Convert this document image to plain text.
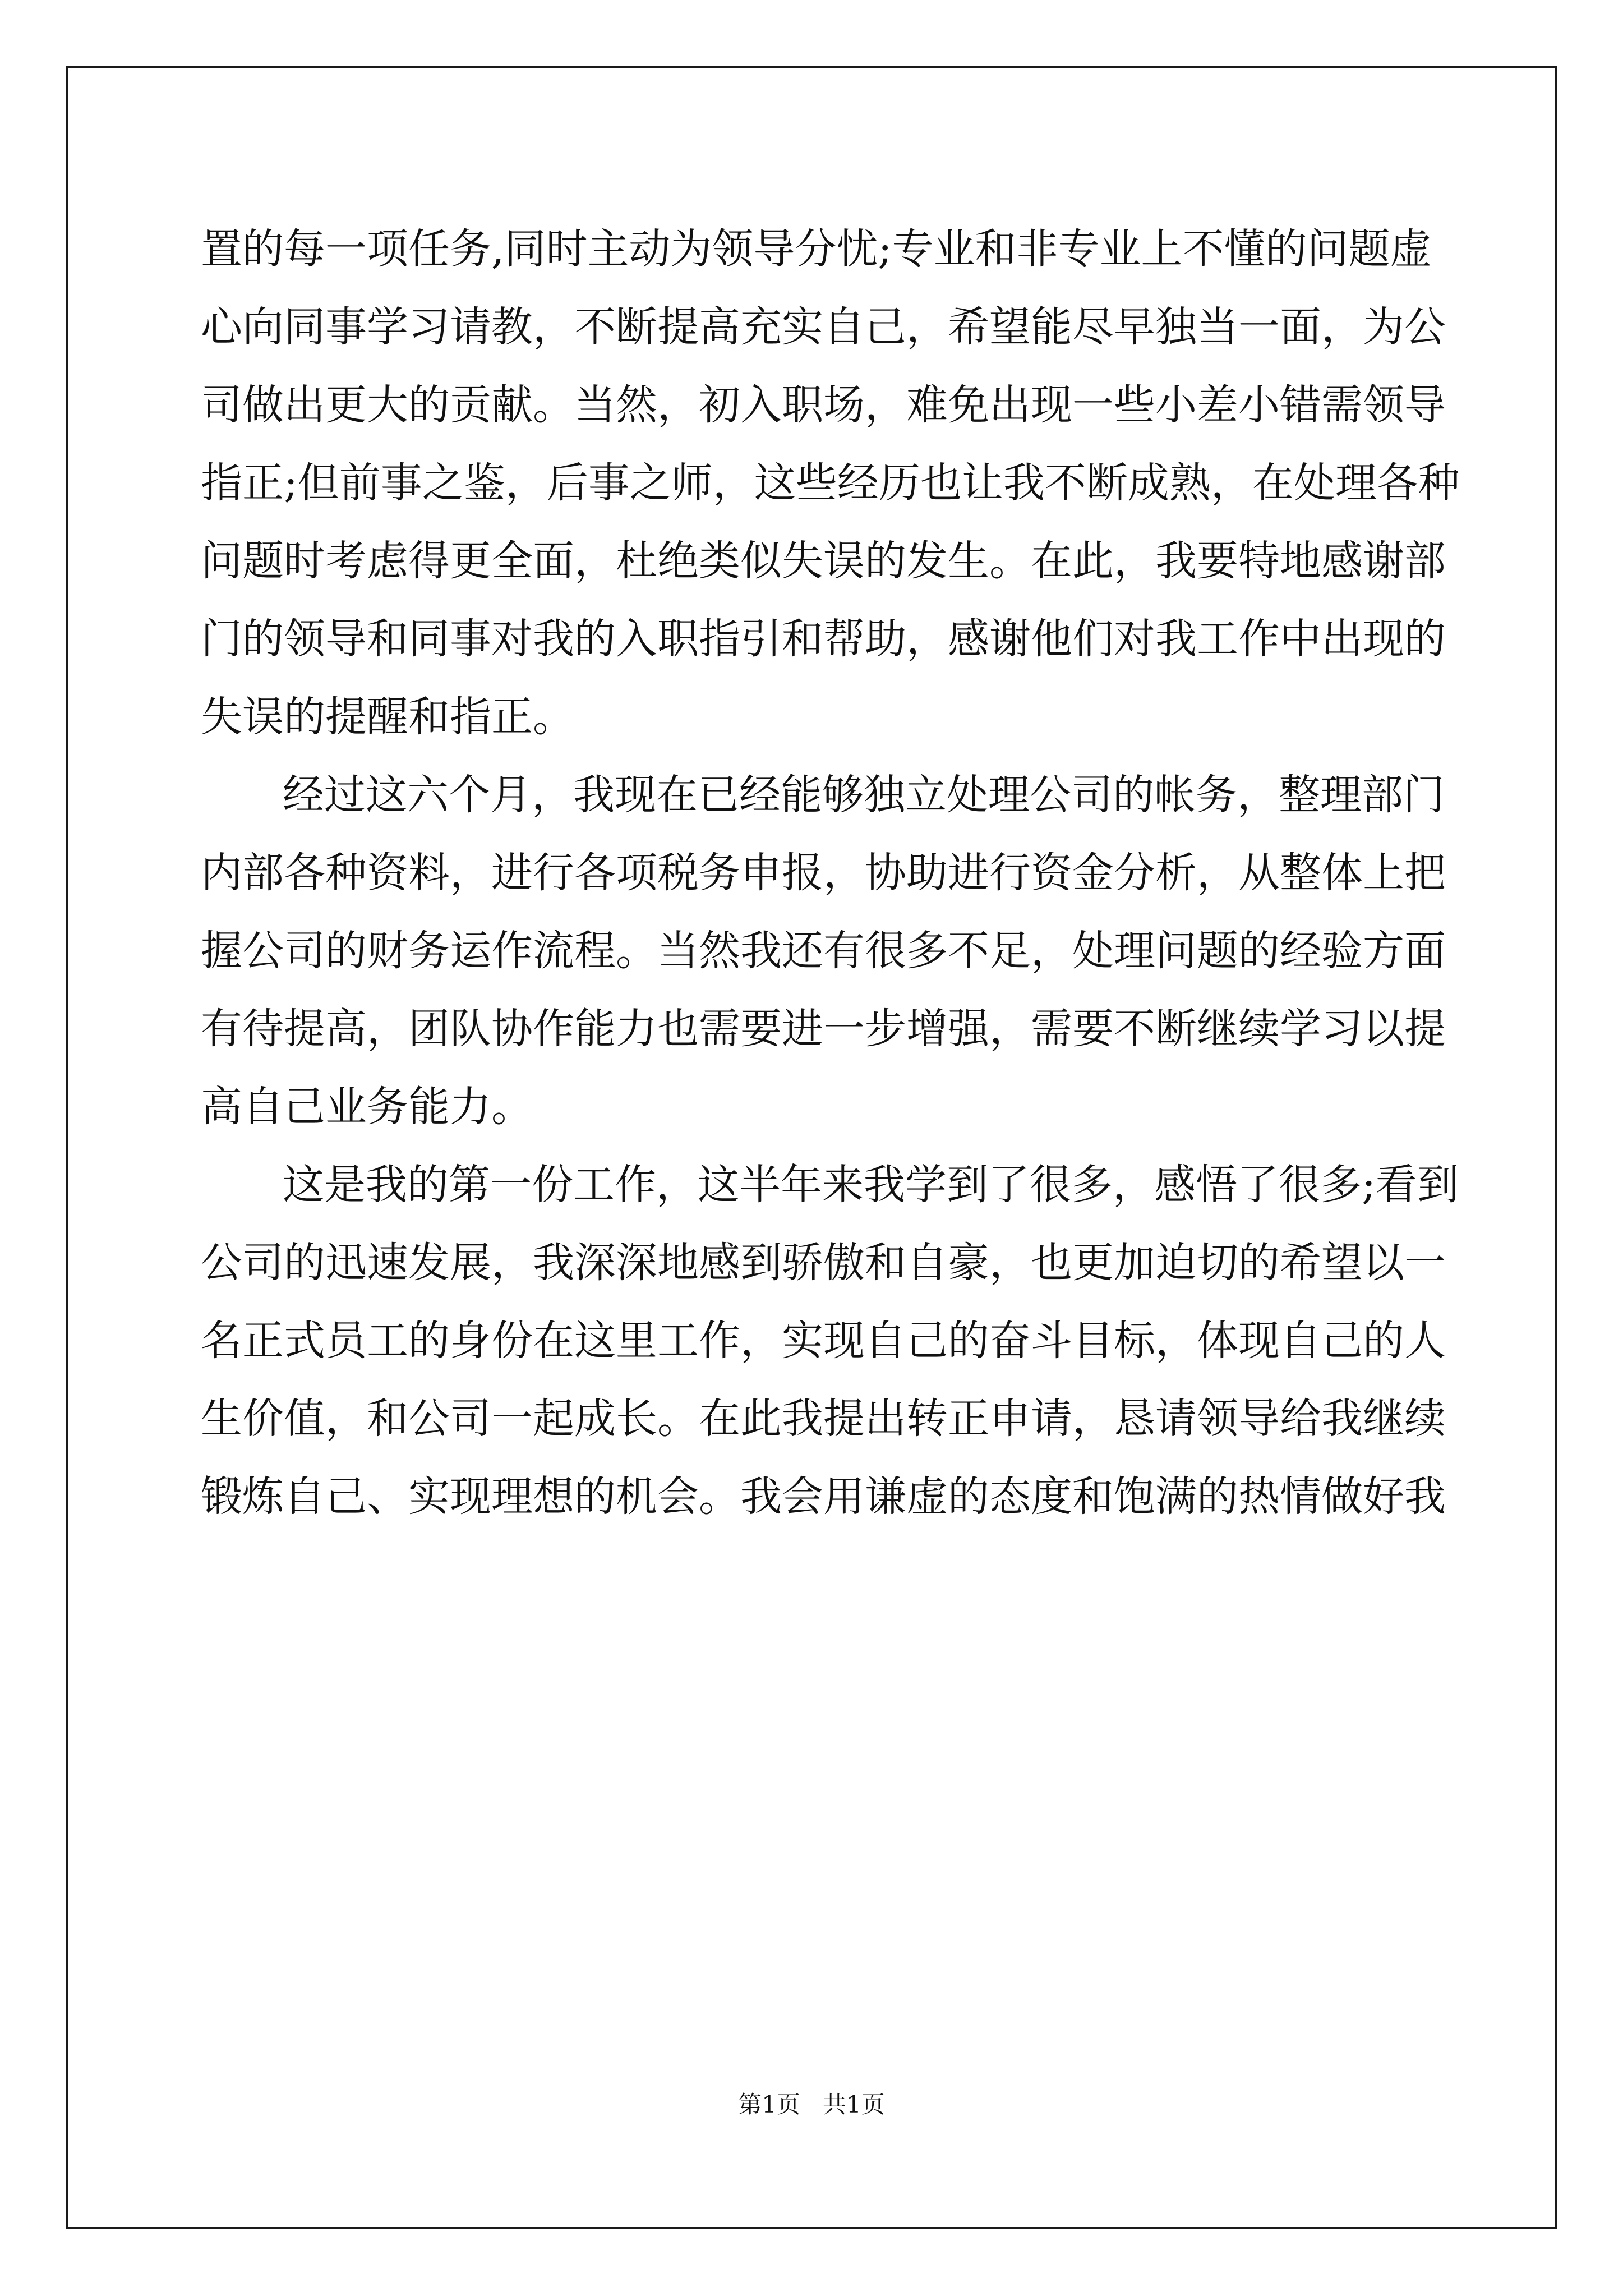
置的每一项任务,同时主动为领导分忧;专业和非专业上不懂的问题虚
心向同事学习请教，不断提高充实自己，希望能尽早独当一面，为公
司做出更大的贡献。当然，初入职场，难免出现一些小差小错需领导
指正;但前事之鉴，后事之师，这些经历也让我不断成熟，在处理各种
问题时考虑得更全面，杜绝类似失误的发生。在此，我要特地感谢部
门的领导和同事对我的入职指引和帮助，感谢他们对我工作中出现的
失误的提醒和指正。
经过这六个月，我现在已经能够独立处理公司的帐务，整理部门
内部各种资料，进行各项税务申报，协助进行资金分析，从整体上把
握公司的财务运作流程。当然我还有很多不足，处理问题的经验方面
有待提高，团队协作能力也需要进一步增强，需要不断继续学习以提
高自己业务能力。
这是我的第一份工作，这半年来我学到了很多，感悟了很多;看到
公司的迅速发展，我深深地感到骄傲和自豪，也更加迫切的希望以一
名正式员工的身份在这里工作，实现自己的奋斗目标，体现自己的人
生价值，和公司一起成长。在此我提出转正申请，恳请领导给我继续
锻炼自己、实现理想的机会。我会用谦虚的态度和饱满的热情做好我
第1页   共1页
